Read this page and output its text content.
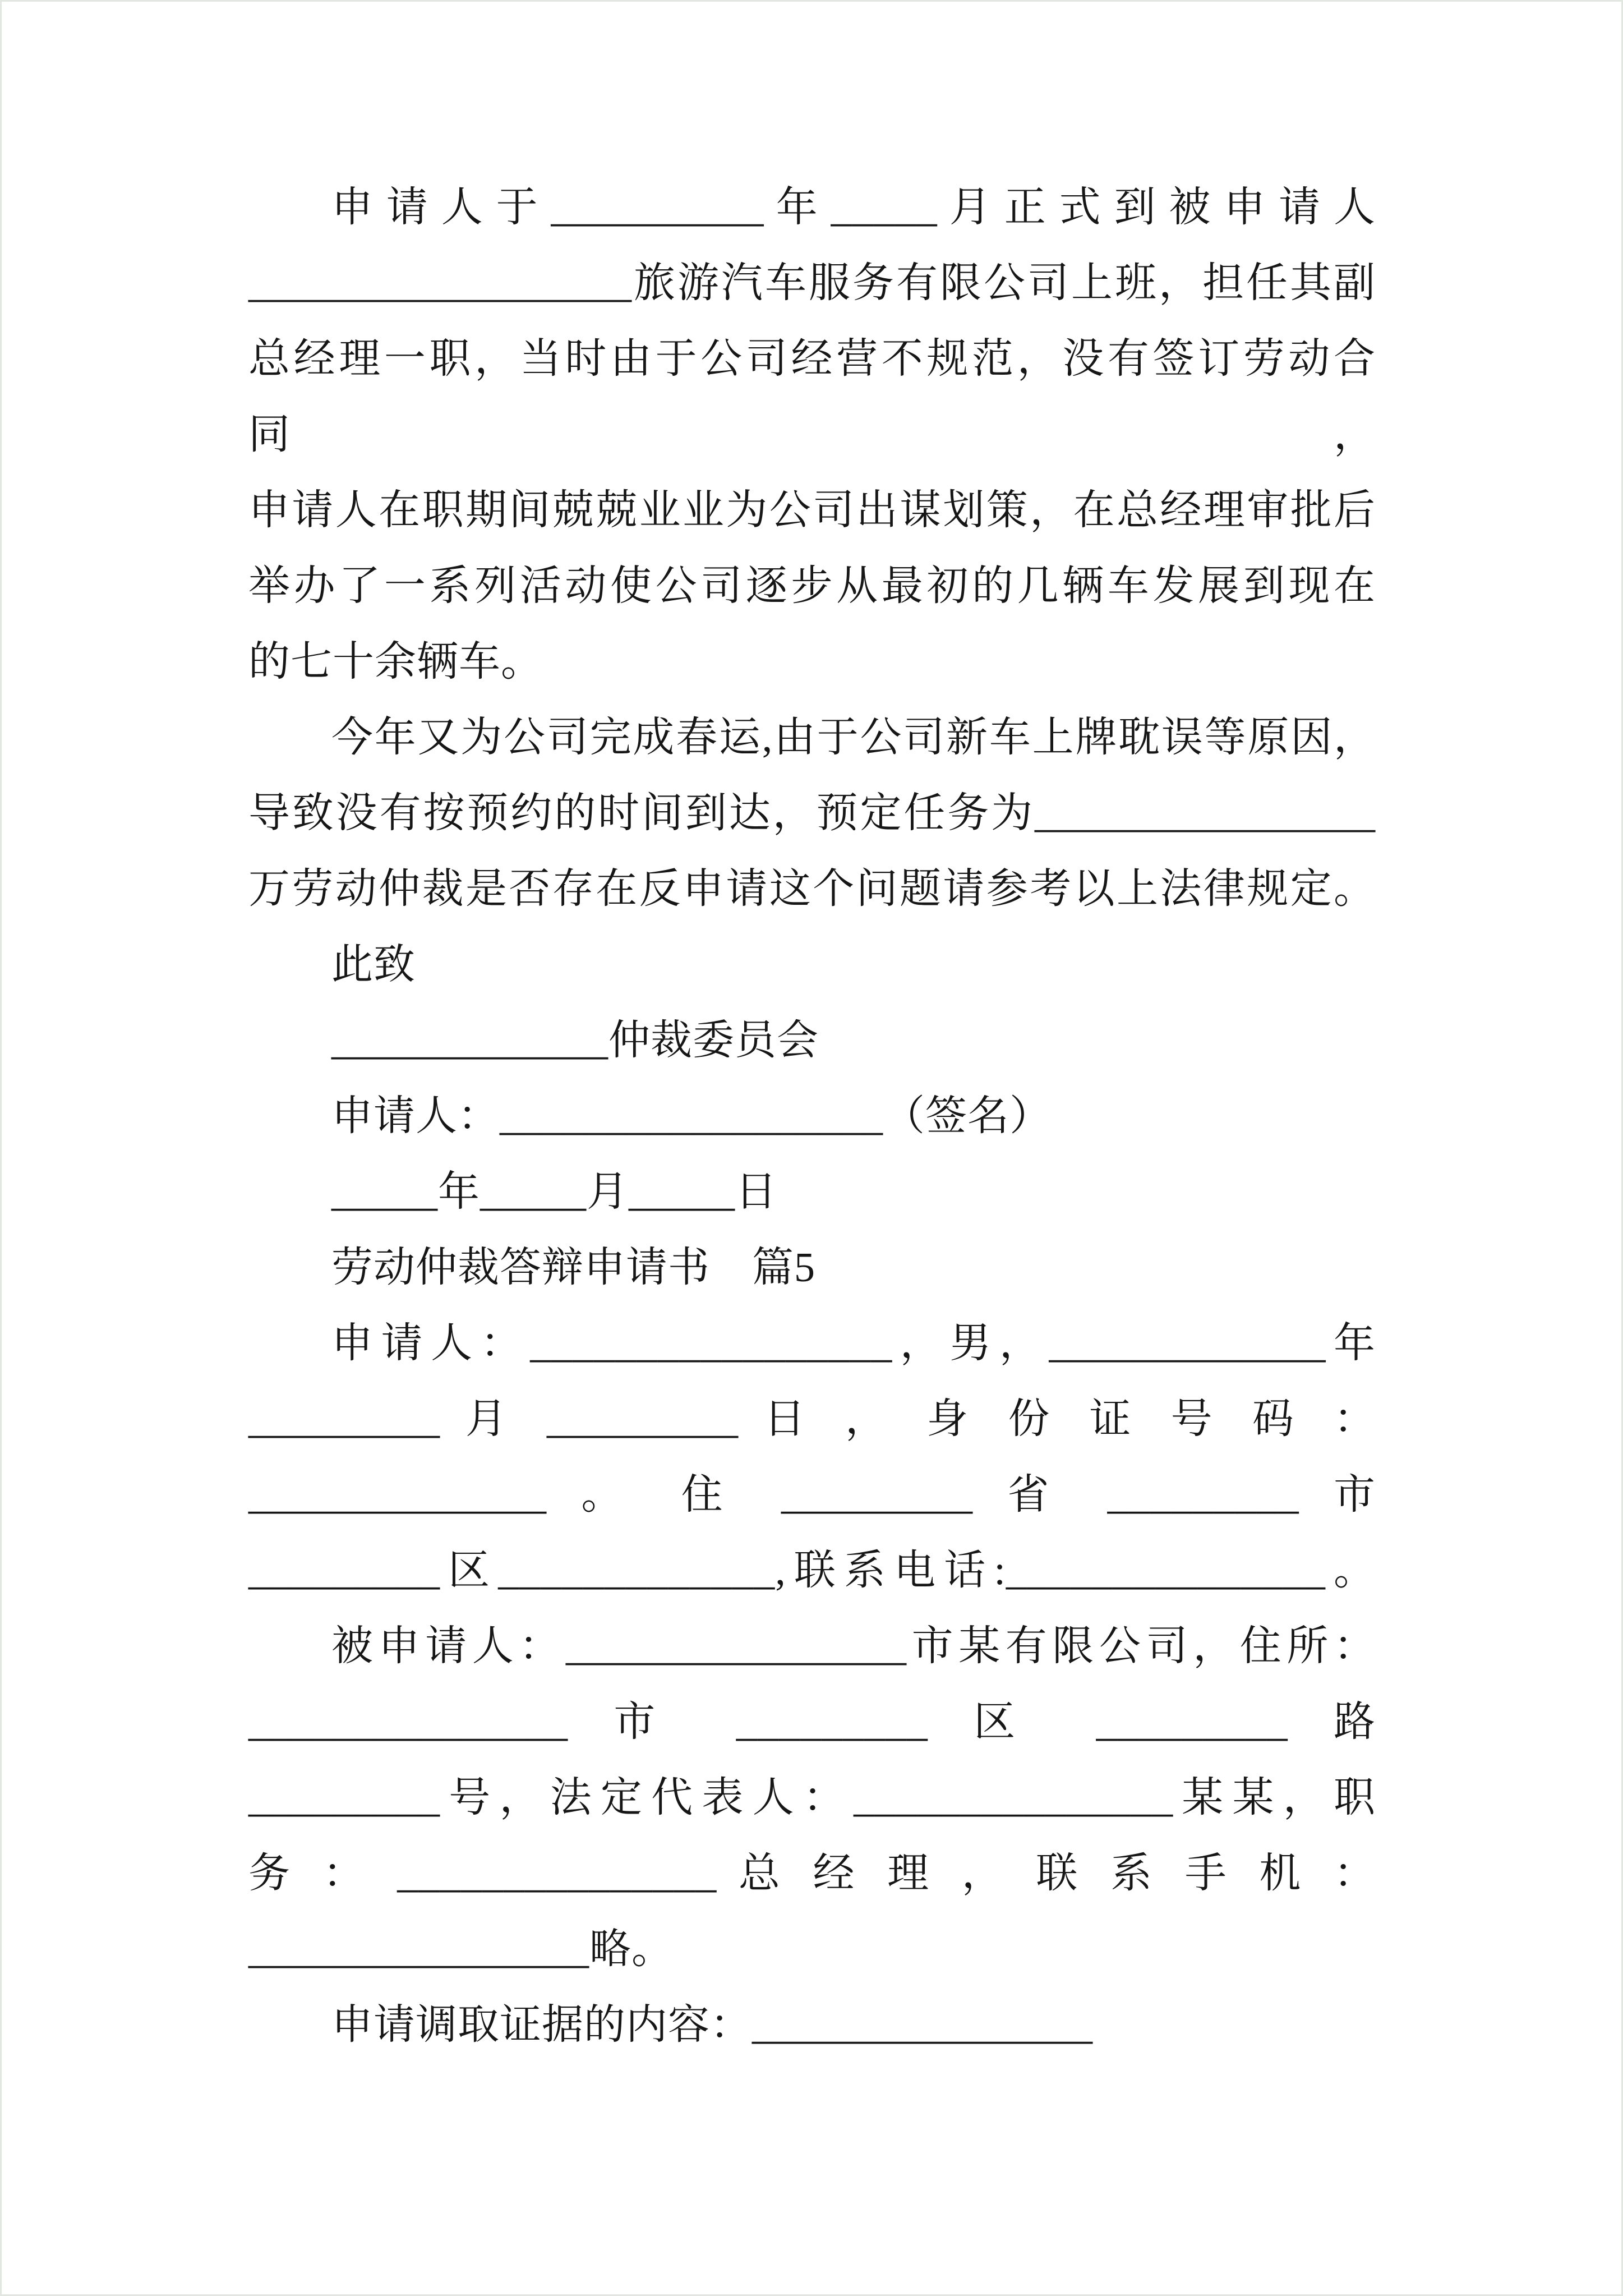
申 请 人 于 __________ 年 _____ 月 正 式 到 被 申 请 人
__________________旅游汽车服务有限公司上班，担任其副
总经理一职，当时由于公司经营不规范，没有签订劳动合同，
申请人在职期间兢兢业业为公司出谋划策，在总经理审批后
举办了一系列活动使公司逐步从最初的几辆车发展到现在
的七十余辆车。
今年又为公司完成春运,由于公司新车上牌耽误等原因，
导致没有按预约的时间到达，预定任务为________________
万劳动仲裁是否存在反申请这个问题请参考以上法律规定。
此致
_____________仲裁委员会
申请人：__________________（签名）
_____年_____月_____日
劳动仲裁答辩申请书　篇5
申请人：_________________，男，_____________年
_________ 月 _________ 日 ， 身 份 证 号 码 ：
______________ 。 住 _________ 省 _________ 市
_________区_____________,联系电话:_______________。
被申请人：________________市某有限公司，住所：
_______________ 市 _________ 区 _________ 路
_________号，法定代表人：_______________某某，职
务 ： _______________ 总 经 理 ， 联 系 手 机 ：
________________略。
申请调取证据的内容：________________
